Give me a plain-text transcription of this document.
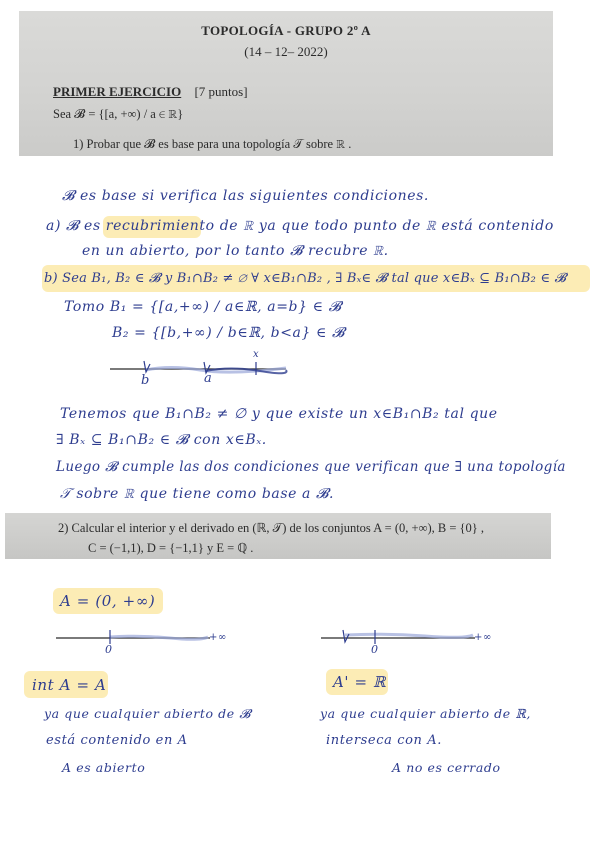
TOPOLOGÍA - GRUPO 2º A
(14 – 12– 2022)
PRIMER EJERCICIO [7 puntos]
Sea 𝓑 = {[a, +∞) / a ∈ ℝ}
1) Probar que 𝓑 es base para una topología 𝒯 sobre ℝ .
𝓑 es base si verifica las siguientes condiciones.
a) 𝓑 es recubrimiento de ℝ ya que todo punto de ℝ está contenido
en un abierto, por lo tanto 𝓑 recubre ℝ.
b) Sea B₁, B₂ ∈ 𝓑 y B₁∩B₂ ≠ ∅ ∀ x∈B₁∩B₂ , ∃ Bₓ∈ 𝓑 tal que x∈Bₓ ⊆ B₁∩B₂ ∈ 𝓑
Tomo B₁ = {[a,+∞) / a∈ℝ, a=b} ∈ 𝓑
B₂ = {[b,+∞) / b∈ℝ, b<a} ∈ 𝓑
b	a
x
Tenemos que B₁∩B₂ ≠ ∅ y que existe un x∈B₁∩B₂ tal que
∃ Bₓ ⊆ B₁∩B₂ ∈ 𝓑 con x∈Bₓ.
Luego 𝓑 cumple las dos condiciones que verifican que ∃ una topología
𝒯 sobre ℝ que tiene como base a 𝓑.
2) Calcular el interior y el derivado en (ℝ, 𝒯) de los conjuntos A = (0, +∞), B = {0} ,
C = (−1,1), D = {−1,1} y E = ℚ .
A = (0, +∞)
0
+∞
0
+∞
int A = A	A' = ℝ
ya que cualquier abierto de 𝓑
está contenido en A
A es abierto
ya que cualquier abierto de ℝ,
interseca con A.
A no es cerrado
